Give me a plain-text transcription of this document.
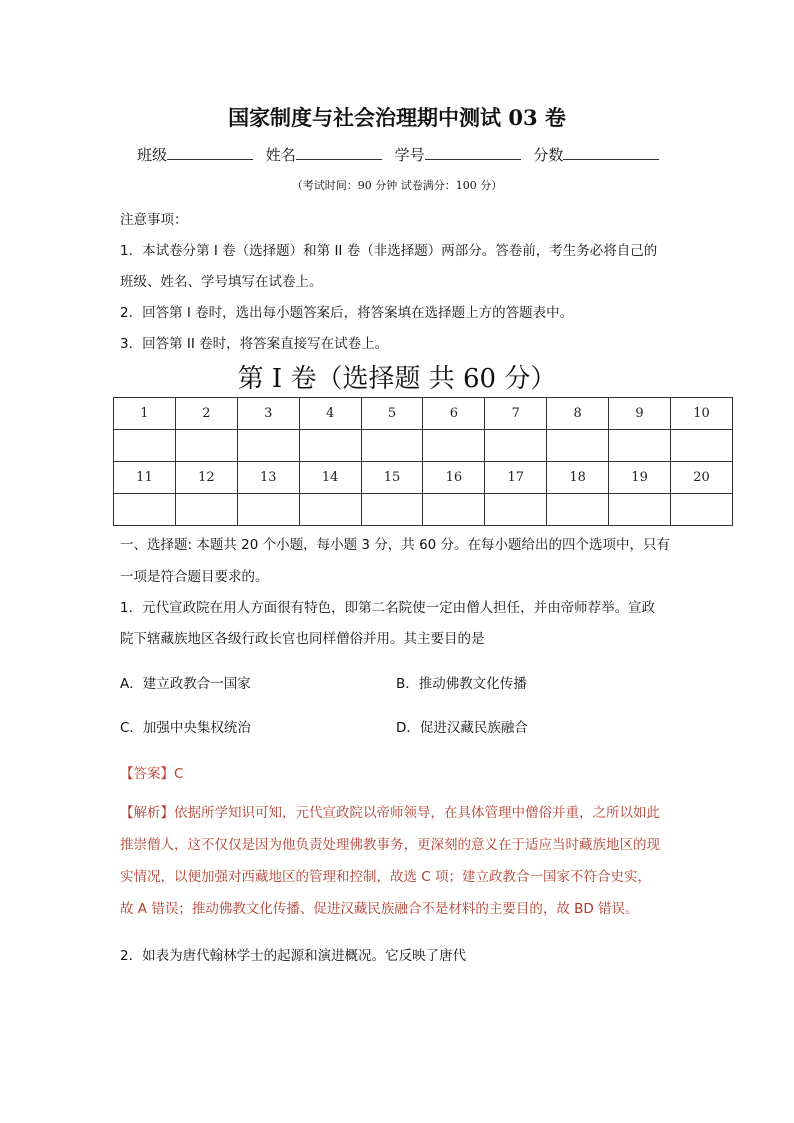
国家制度与社会治理期中测试 03 卷
班级	姓名	学号	分数
（考试时间：90 分钟 试卷满分：100 分）
注意事项：
1．本试卷分第 I 卷（选择题）和第 II 卷（非选择题）两部分。答卷前，考生务必将自己的
班级、姓名、学号填写在试卷上。
2．回答第 I 卷时，选出每小题答案后，将答案填在选择题上方的答题表中。
3．回答第 II 卷时，将答案直接写在试卷上。
第 I 卷（选择题 共 60 分）
1	2	3	4	5	6	7	8	9	10

11	12	13	14	15	16	17	18	19	20

一、选择题: 本题共 20 个小题，每小题 3 分，共 60 分。在每小题给出的四个选项中，只有
一项是符合题目要求的。
1．元代宣政院在用人方面很有特色，即第二名院使一定由僧人担任，并由帝师荐举。宣政
院下辖藏族地区各级行政长官也同样僧俗并用。其主要目的是
A．建立政教合一国家	B．推动佛教文化传播
C．加强中央集权统治	D．促进汉藏民族融合
【答案】C
【解析】依据所学知识可知，元代宣政院以帝师领导，在具体管理中僧俗并重，之所以如此
推崇僧人，这不仅仅是因为他负责处理佛教事务，更深刻的意义在于适应当时藏族地区的现
实情况，以便加强对西藏地区的管理和控制，故选 C 项；建立政教合一国家不符合史实，
故 A 错误；推动佛教文化传播、促进汉藏民族融合不是材料的主要目的，故 BD 错误。
2．如表为唐代翰林学士的起源和演进概况。它反映了唐代
